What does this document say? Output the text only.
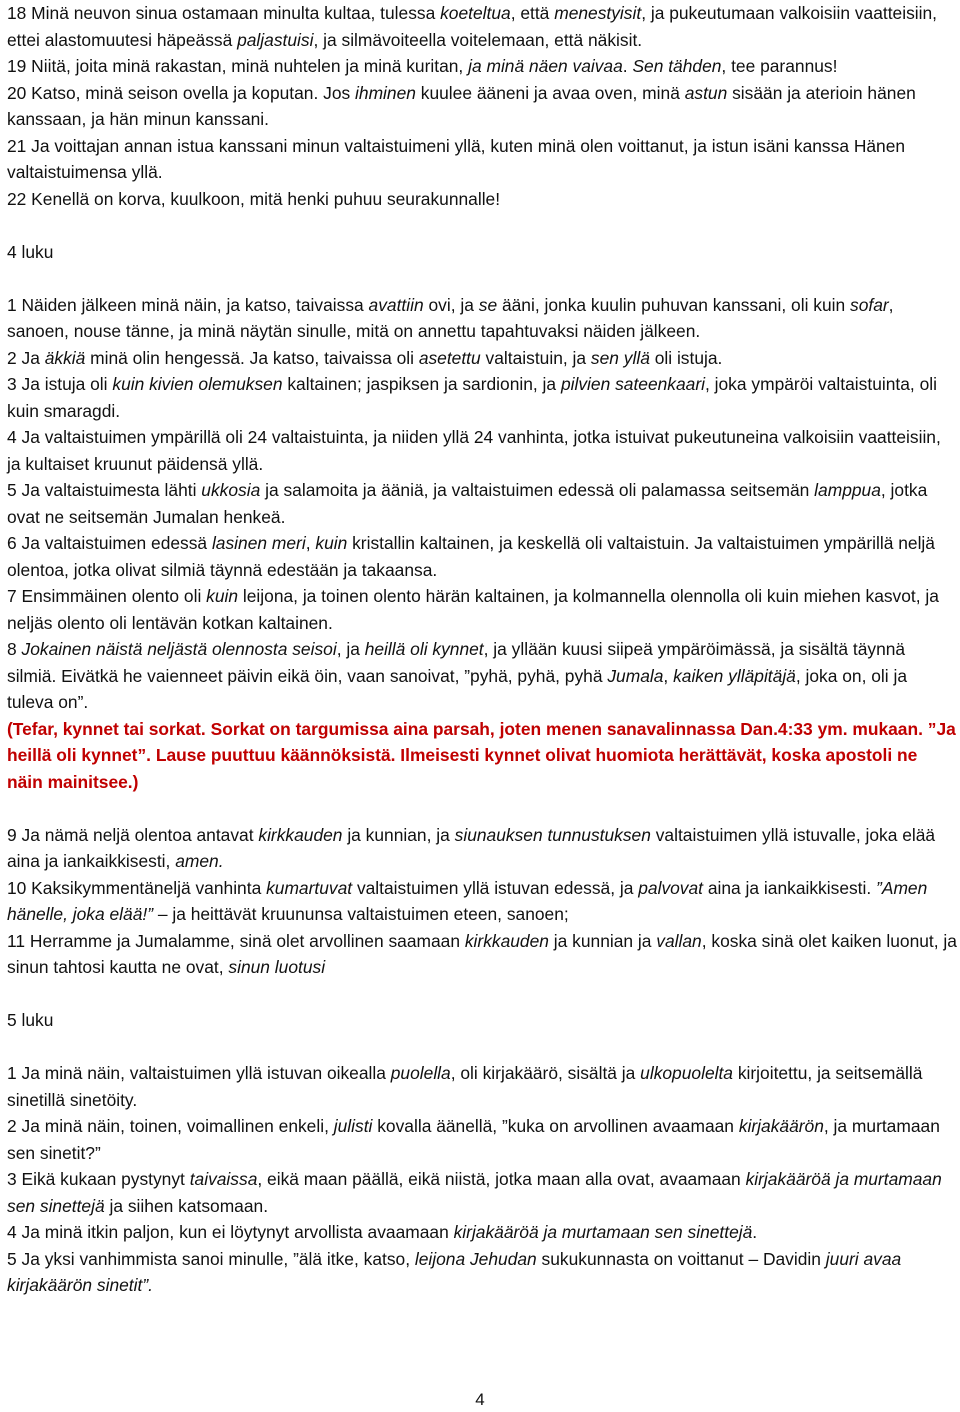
18 Minä neuvon sinua ostamaan minulta kultaa, tulessa koeteltua, että menestyisit, ja pukeutumaan valkoisiin vaatteisiin, ettei alastomuutesi häpeässä paljastuisi, ja silmävoiteella voitelemaan, että näkisit.

19 Niitä, joita minä rakastan, minä nuhtelen ja minä kuritan, ja minä näen vaivaa. Sen tähden, tee parannus!

20 Katso, minä seison ovella ja koputan. Jos ihminen kuulee ääneni ja avaa oven, minä astun sisään ja aterioin hänen kanssaan, ja hän minun kanssani.

21 Ja voittajan annan istua kanssani minun valtaistuimeni yllä, kuten minä olen voittanut, ja istun isäni kanssa Hänen valtaistuimensa yllä.

22 Kenellä on korva, kuulkoon, mitä henki puhuu seurakunnalle!

4 luku

1 Näiden jälkeen minä näin, ja katso, taivaissa avattiin ovi, ja se ääni, jonka kuulin puhuvan kanssani, oli kuin sofar, sanoen, nouse tänne, ja minä näytän sinulle, mitä on annettu tapahtuvaksi näiden jälkeen.

2 Ja äkkiä minä olin hengessä. Ja katso, taivaissa oli asetettu valtaistuin, ja sen yllä oli istuja.

3 Ja istuja oli kuin kivien olemuksen kaltainen; jaspiksen ja sardionin, ja pilvien sateenkaari, joka ympäröi valtaistuinta, oli kuin smaragdi.

4 Ja valtaistuimen ympärillä oli 24 valtaistuinta, ja niiden yllä 24 vanhinta, jotka istuivat pukeutuneina valkoisiin vaatteisiin, ja kultaiset kruunut päidensä yllä.

5 Ja valtaistuimesta lähti ukkosia ja salamoita ja ääniä, ja valtaistuimen edessä oli palamassa seitsemän lamppua, jotka ovat ne seitsemän Jumalan henkeä.

6 Ja valtaistuimen edessä lasinen meri, kuin kristallin kaltainen, ja keskellä oli valtaistuin. Ja valtaistuimen ympärillä neljä olentoa, jotka olivat silmiä täynnä edestään ja takaansa.

7 Ensimmäinen olento oli kuin leijona, ja toinen olento härän kaltainen, ja kolmannella olennolla oli kuin miehen kasvot, ja neljäs olento oli lentävän kotkan kaltainen.

8 Jokainen näistä neljästä olennosta seisoi, ja heillä oli kynnet, ja yllään kuusi siipeä ympäröimässä, ja sisältä täynnä silmiä. Eivätkä he vaienneet päivin eikä öin, vaan sanoivat, ”pyhä, pyhä, pyhä Jumala, kaiken ylläpitäjä, joka on, oli ja tuleva on”.

(Tefar, kynnet tai sorkat. Sorkat on targumissa aina parsah, joten menen sanavalinnassa Dan.4:33 ym. mukaan. ”Ja heillä oli kynnet”. Lause puuttuu käännöksistä. Ilmeisesti kynnet olivat huomiota herättävät, koska apostoli ne näin mainitsee.)

9 Ja nämä neljä olentoa antavat kirkkauden ja kunnian, ja siunauksen tunnustuksen valtaistuimen yllä istuvalle, joka elää aina ja iankaikkisesti, amen.

10 Kaksikymmentäneljä vanhinta kumartuvat valtaistuimen yllä istuvan edessä, ja palvovat aina ja iankaikkisesti. ”Amen hänelle, joka elää!” – ja heittävät kruununsa valtaistuimen eteen, sanoen;

11 Herramme ja Jumalamme, sinä olet arvollinen saamaan kirkkauden ja kunnian ja vallan, koska sinä olet kaiken luonut, ja sinun tahtosi kautta ne ovat, sinun luotusi

5 luku

1 Ja minä näin, valtaistuimen yllä istuvan oikealla puolella, oli kirjakäärö, sisältä ja ulkopuolelta kirjoitettu, ja seitsemällä sinetillä sinetöity.

2 Ja minä näin, toinen, voimallinen enkeli, julisti kovalla äänellä, ”kuka on arvollinen avaamaan kirjakäärön, ja murtamaan sen sinetit?”

3 Eikä kukaan pystynyt taivaissa, eikä maan päällä, eikä niistä, jotka maan alla ovat, avaamaan kirjakääröä ja murtamaan sen sinettejä ja siihen katsomaan.

4 Ja minä itkin paljon, kun ei löytynyt arvollista avaamaan kirjakääröä ja murtamaan sen sinettejä.

5 Ja yksi vanhimmista sanoi minulle, ”älä itke, katso, leijona Jehudan sukukunnasta on voittanut – Davidin juuri avaa kirjakäärön sinetit”.

4
